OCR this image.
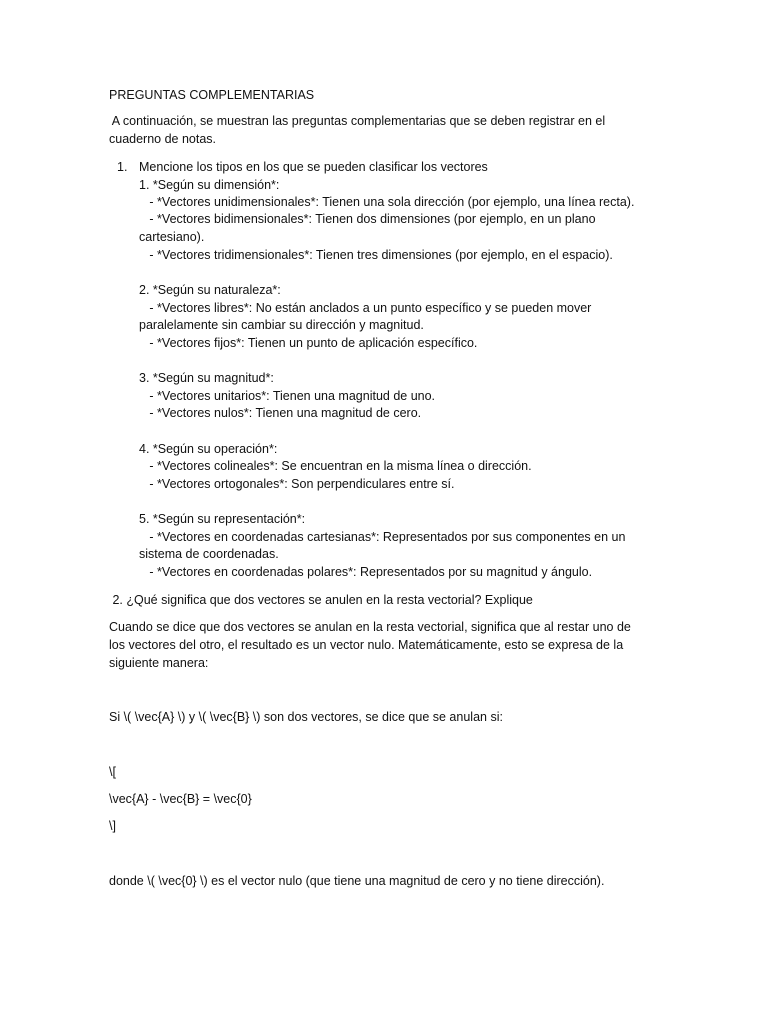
PREGUNTAS COMPLEMENTARIAS
A continuación, se muestran las preguntas complementarias que se deben registrar en el
cuaderno de notas.
1. Mencione los tipos en los que se pueden clasificar los vectores
1. *Según su dimensión*:
- *Vectores unidimensionales*: Tienen una sola dirección (por ejemplo, una línea recta).
- *Vectores bidimensionales*: Tienen dos dimensiones (por ejemplo, en un plano
cartesiano).
- *Vectores tridimensionales*: Tienen tres dimensiones (por ejemplo, en el espacio).
2. *Según su naturaleza*:
- *Vectores libres*: No están anclados a un punto específico y se pueden mover
paralelamente sin cambiar su dirección y magnitud.
- *Vectores fijos*: Tienen un punto de aplicación específico.
3. *Según su magnitud*:
- *Vectores unitarios*: Tienen una magnitud de uno.
- *Vectores nulos*: Tienen una magnitud de cero.
4. *Según su operación*:
- *Vectores colineales*: Se encuentran en la misma línea o dirección.
- *Vectores ortogonales*: Son perpendiculares entre sí.
5. *Según su representación*:
- *Vectores en coordenadas cartesianas*: Representados por sus componentes en un
sistema de coordenadas.
- *Vectores en coordenadas polares*: Representados por su magnitud y ángulo.
2. ¿Qué significa que dos vectores se anulen en la resta vectorial? Explique
Cuando se dice que dos vectores se anulan en la resta vectorial, significa que al restar uno de
los vectores del otro, el resultado es un vector nulo. Matemáticamente, esto se expresa de la
siguiente manera:
Si \( \vec{A} \) y \( \vec{B} \) son dos vectores, se dice que se anulan si:
\[
\vec{A} - \vec{B} = \vec{0}
\]
donde \( \vec{0} \) es el vector nulo (que tiene una magnitud de cero y no tiene dirección).
